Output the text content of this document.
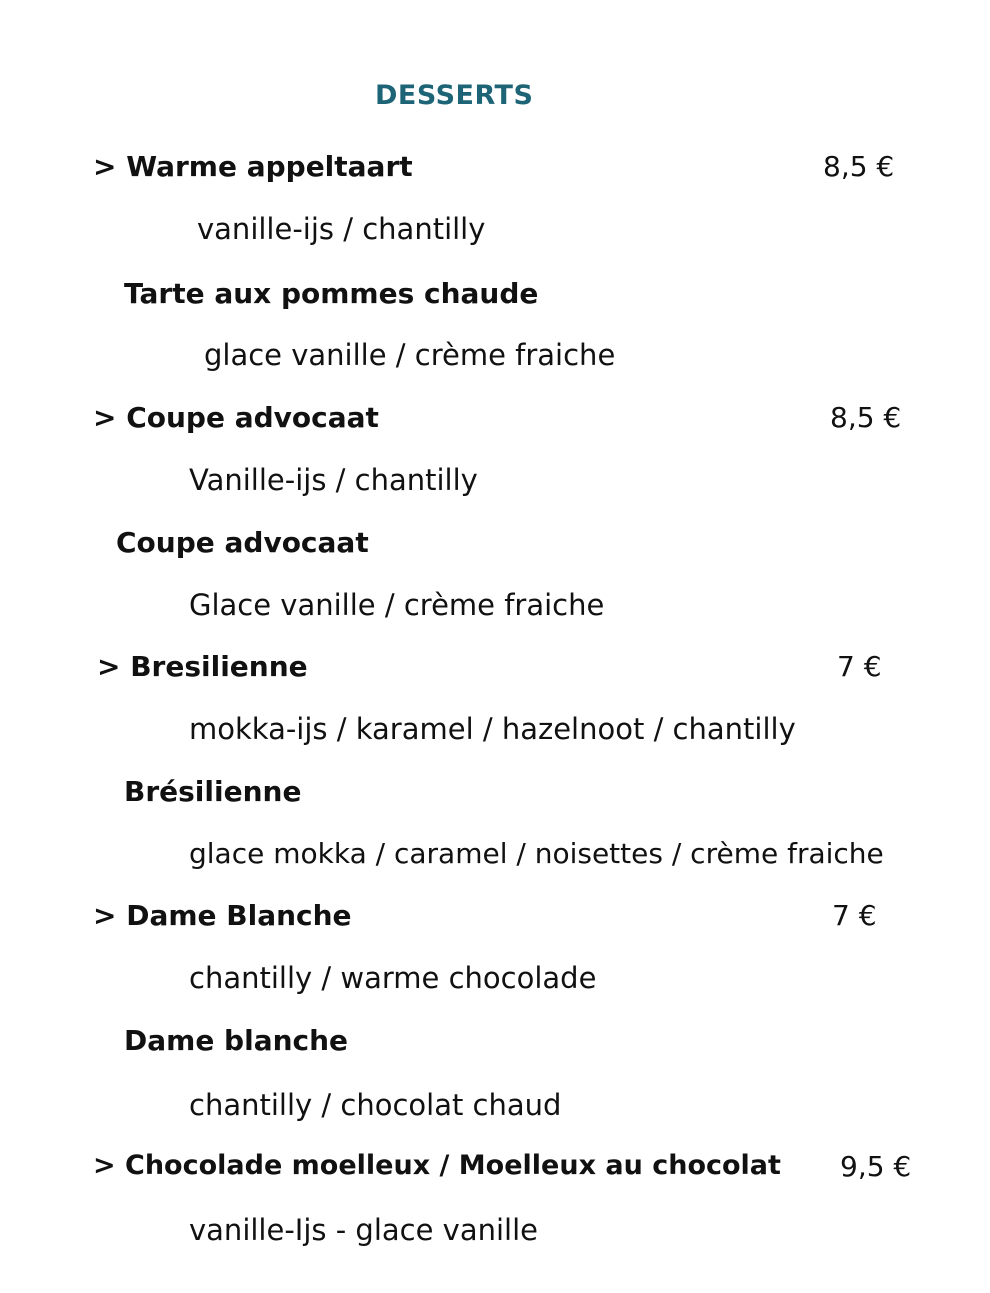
DESSERTS
> Warme appeltaart	8,5 €
vanille-ijs / chantilly
Tarte aux pommes chaude
glace vanille / crème fraiche
> Coupe advocaat	8,5 €
Vanille-ijs / chantilly
Coupe advocaat
Glace vanille / crème fraiche
> Bresilienne	7 €
mokka-ijs / karamel / hazelnoot / chantilly
Brésilienne
glace mokka / caramel / noisettes / crème fraiche
> Dame Blanche	7 €
chantilly / warme chocolade
Dame blanche
chantilly / chocolat chaud
> Chocolade moelleux / Moelleux au chocolat 9,5 €
vanille-Ijs - glace vanille
